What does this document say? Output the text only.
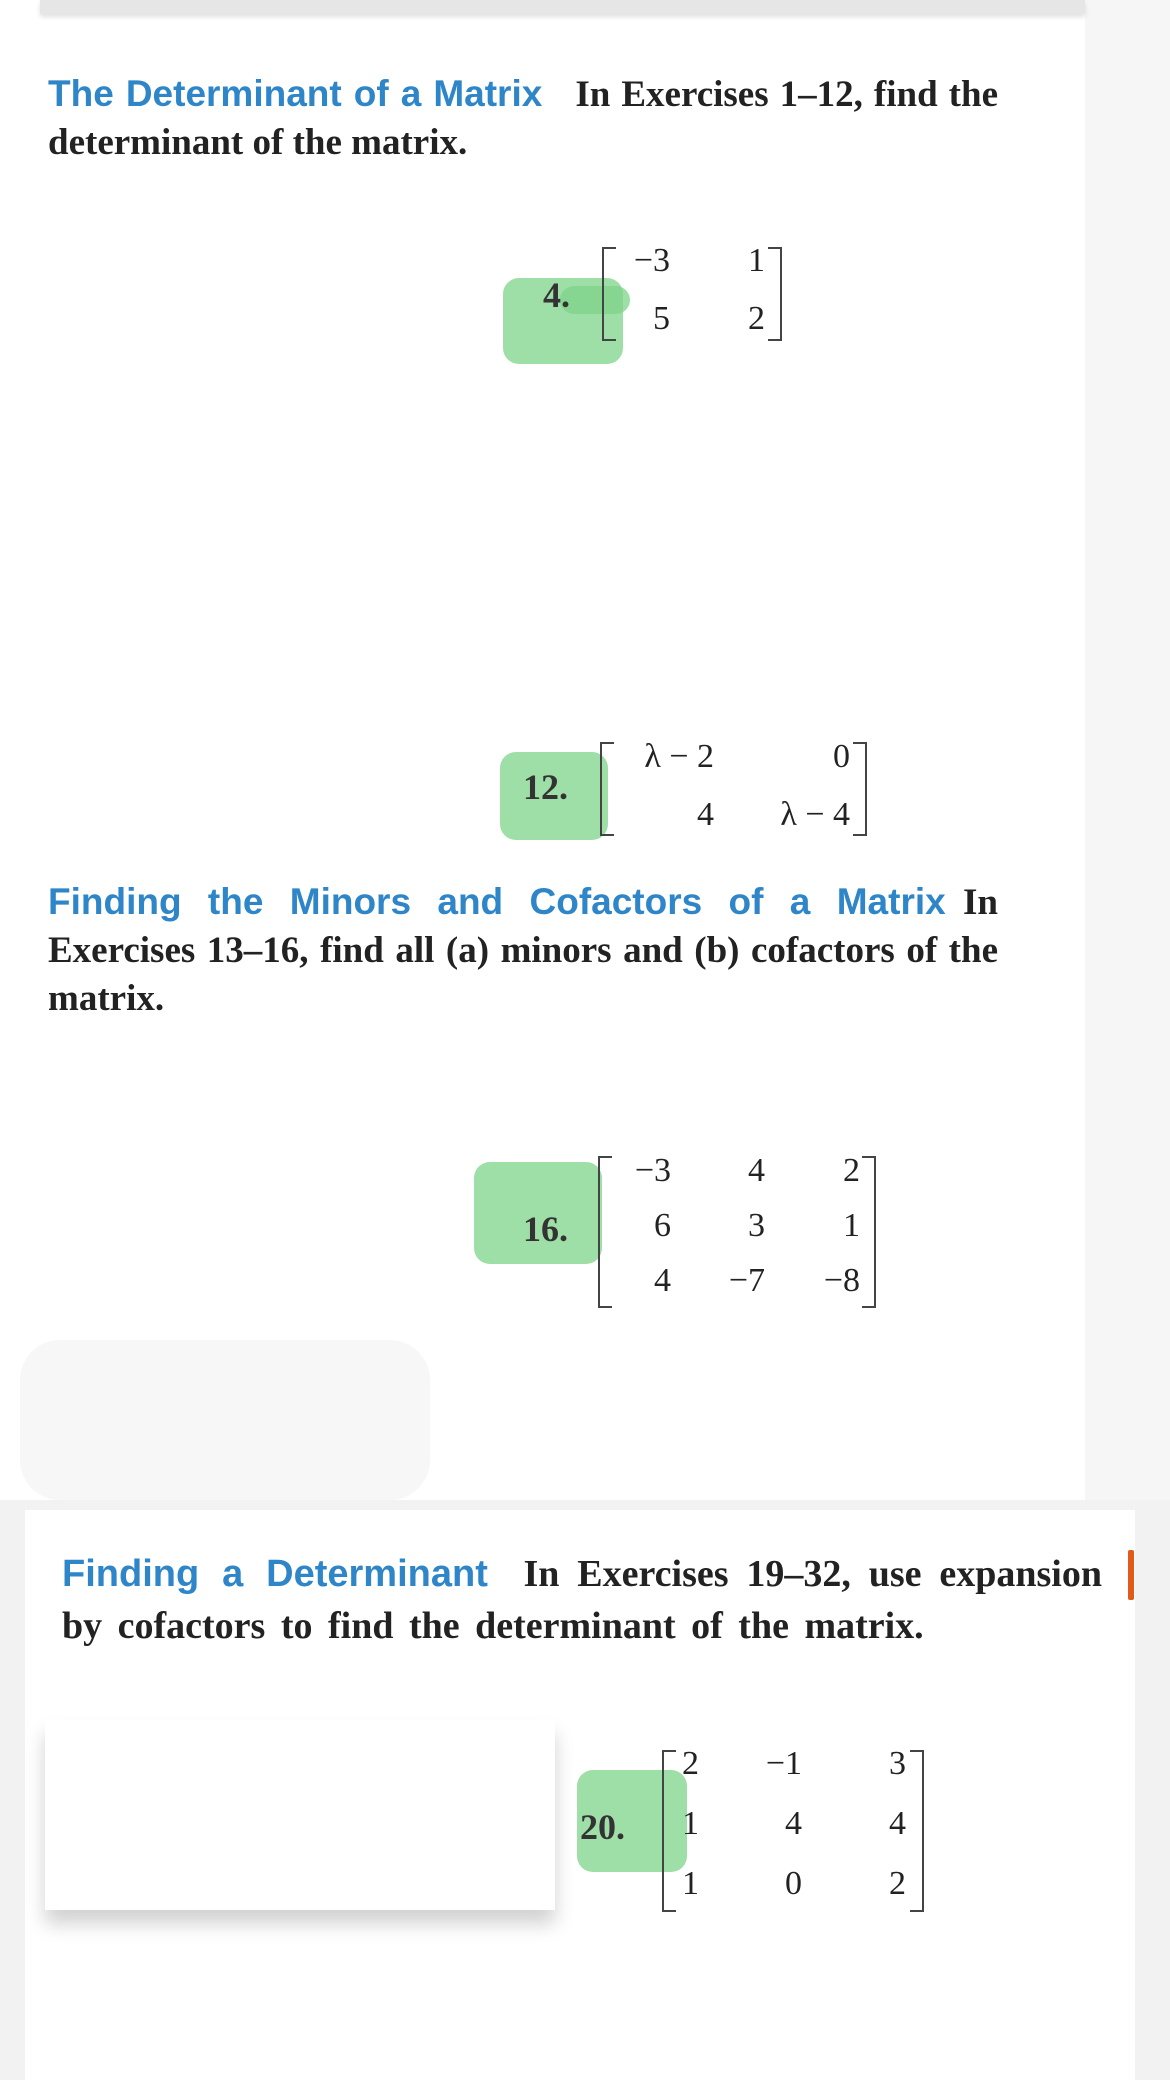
The Determinant of a Matrix In Exercises 1–12, find the determinant of the matrix.
4.
−3	1
5	2
12.
λ − 2	0
4	λ − 4
Finding the Minors and Cofactors of a Matrix In Exercises 13–16, find all (a) minors and (b) cofactors of the matrix.
16.
−3	4	2
6	3	1
4	−7	−8
Finding a Determinant In Exercises 19–32, use expansion by cofactors to find the determinant of the matrix.
20.
2	−1	3
1	4	4
1	0	2
